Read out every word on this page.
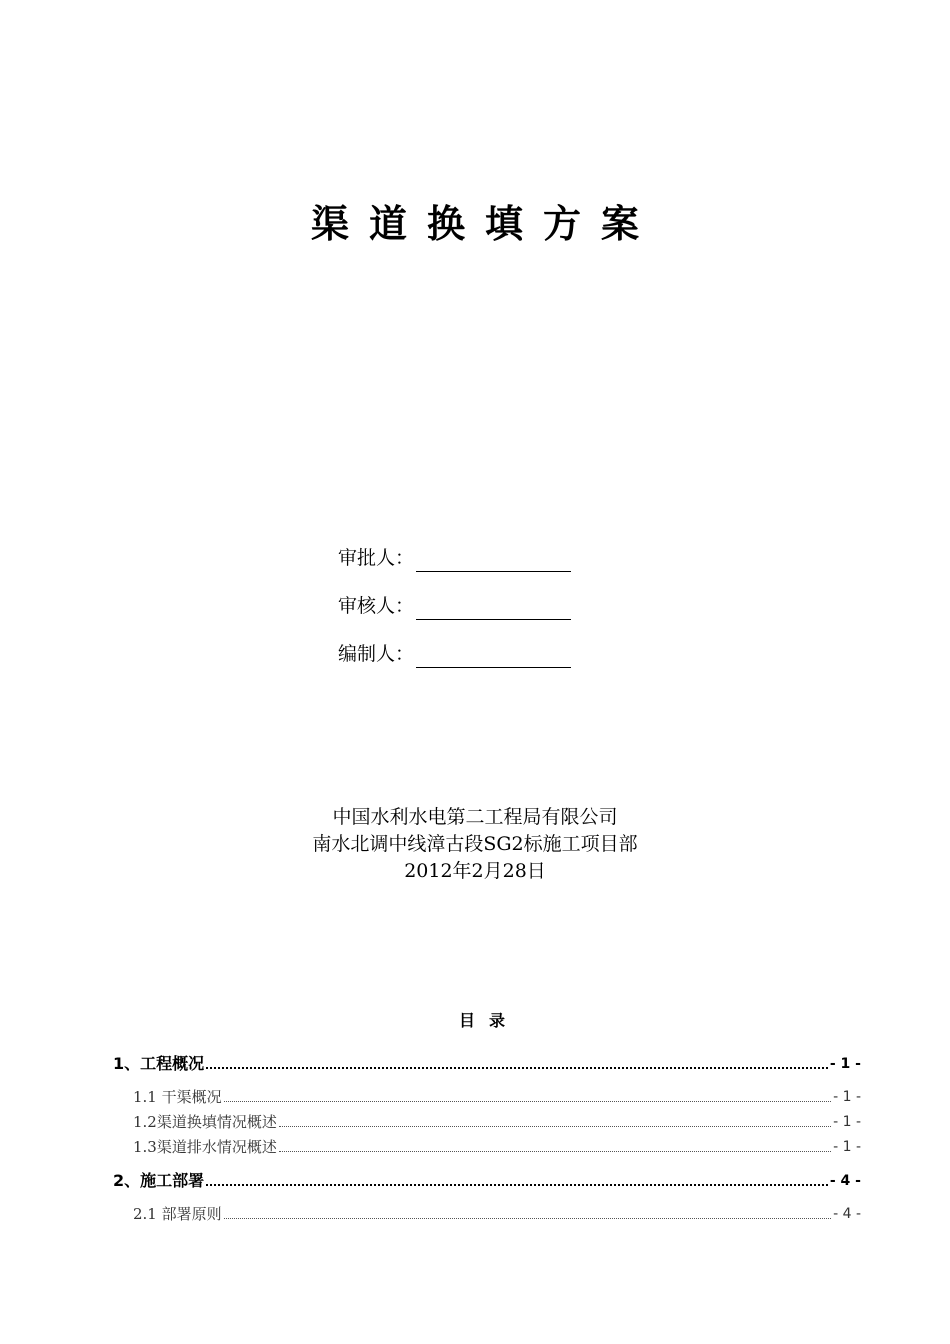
渠道换填方案
审批人：
审核人：
编制人：
中国水利水电第二工程局有限公司
南水北调中线漳古段SG2标施工项目部
2012年2月28日
目录
1、工程概况	- 1 -
1.1 干渠概况	- 1 -
1.2渠道换填情况概述	- 1 -
1.3渠道排水情况概述	- 1 -
2、施工部署	- 4 -
2.1 部署原则	- 4 -
